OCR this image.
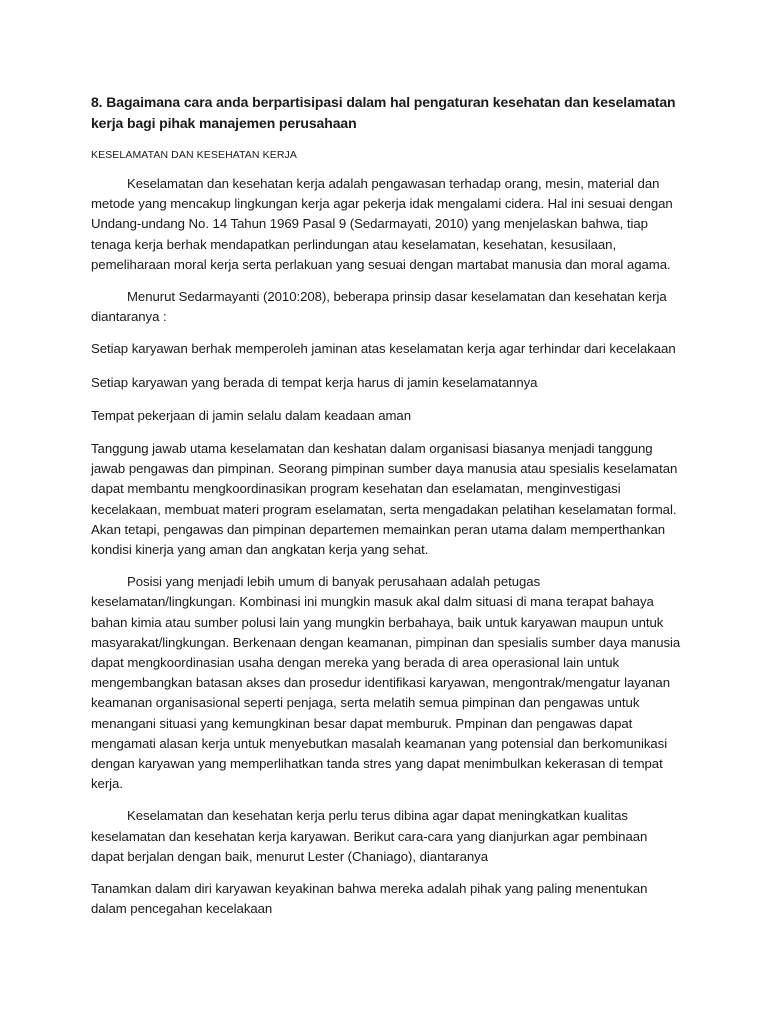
8. Bagaimana cara anda berpartisipasi dalam hal pengaturan kesehatan dan keselamatan kerja bagi pihak manajemen perusahaan
KESELAMATAN DAN KESEHATAN KERJA

Keselamatan dan kesehatan kerja adalah pengawasan terhadap orang, mesin, material dan metode yang mencakup lingkungan kerja agar pekerja idak mengalami cidera. Hal ini sesuai dengan Undang-undang No. 14 Tahun 1969 Pasal 9 (Sedarmayati, 2010) yang menjelaskan bahwa, tiap tenaga kerja berhak mendapatkan perlindungan atau keselamatan, kesehatan, kesusilaan, pemeliharaan moral kerja serta perlakuan yang sesuai dengan martabat manusia dan moral agama.

Menurut Sedarmayanti (2010:208), beberapa prinsip dasar keselamatan dan kesehatan kerja diantaranya :

Setiap karyawan berhak memperoleh jaminan atas keselamatan kerja agar terhindar dari kecelakaan

Setiap karyawan yang berada di tempat kerja harus di jamin keselamatannya

Tempat pekerjaan di jamin selalu dalam keadaan aman

Tanggung jawab utama keselamatan dan keshatan dalam organisasi biasanya menjadi tanggung jawab pengawas dan pimpinan. Seorang pimpinan sumber daya manusia atau spesialis keselamatan dapat membantu mengkoordinasikan program kesehatan dan eselamatan, menginvestigasi kecelakaan, membuat materi program eselamatan, serta mengadakan pelatihan keselamatan formal. Akan tetapi, pengawas dan pimpinan departemen memainkan peran utama dalam memperthankan kondisi kinerja yang aman dan angkatan kerja yang sehat.

Posisi yang menjadi lebih umum di banyak perusahaan adalah petugas keselamatan/lingkungan. Kombinasi ini mungkin masuk akal dalm situasi di mana terapat bahaya bahan kimia atau sumber polusi lain yang mungkin berbahaya, baik untuk karyawan maupun untuk masyarakat/lingkungan. Berkenaan dengan keamanan, pimpinan dan spesialis sumber daya manusia dapat mengkoordinasian usaha dengan mereka yang berada di area operasional lain untuk mengembangkan batasan akses dan prosedur identifikasi karyawan, mengontrak/mengatur layanan keamanan organisasional seperti penjaga, serta melatih semua pimpinan dan pengawas untuk menangani situasi yang kemungkinan besar dapat memburuk. Pmpinan dan pengawas dapat mengamati alasan kerja untuk menyebutkan masalah keamanan yang potensial dan berkomunikasi dengan karyawan yang memperlihatkan tanda stres yang dapat menimbulkan kekerasan di tempat kerja.

Keselamatan dan kesehatan kerja perlu terus dibina agar dapat meningkatkan kualitas keselamatan dan kesehatan kerja karyawan. Berikut cara-cara yang dianjurkan agar pembinaan dapat berjalan dengan baik, menurut Lester (Chaniago), diantaranya

Tanamkan dalam diri karyawan keyakinan bahwa mereka adalah pihak yang paling menentukan dalam pencegahan kecelakaan
